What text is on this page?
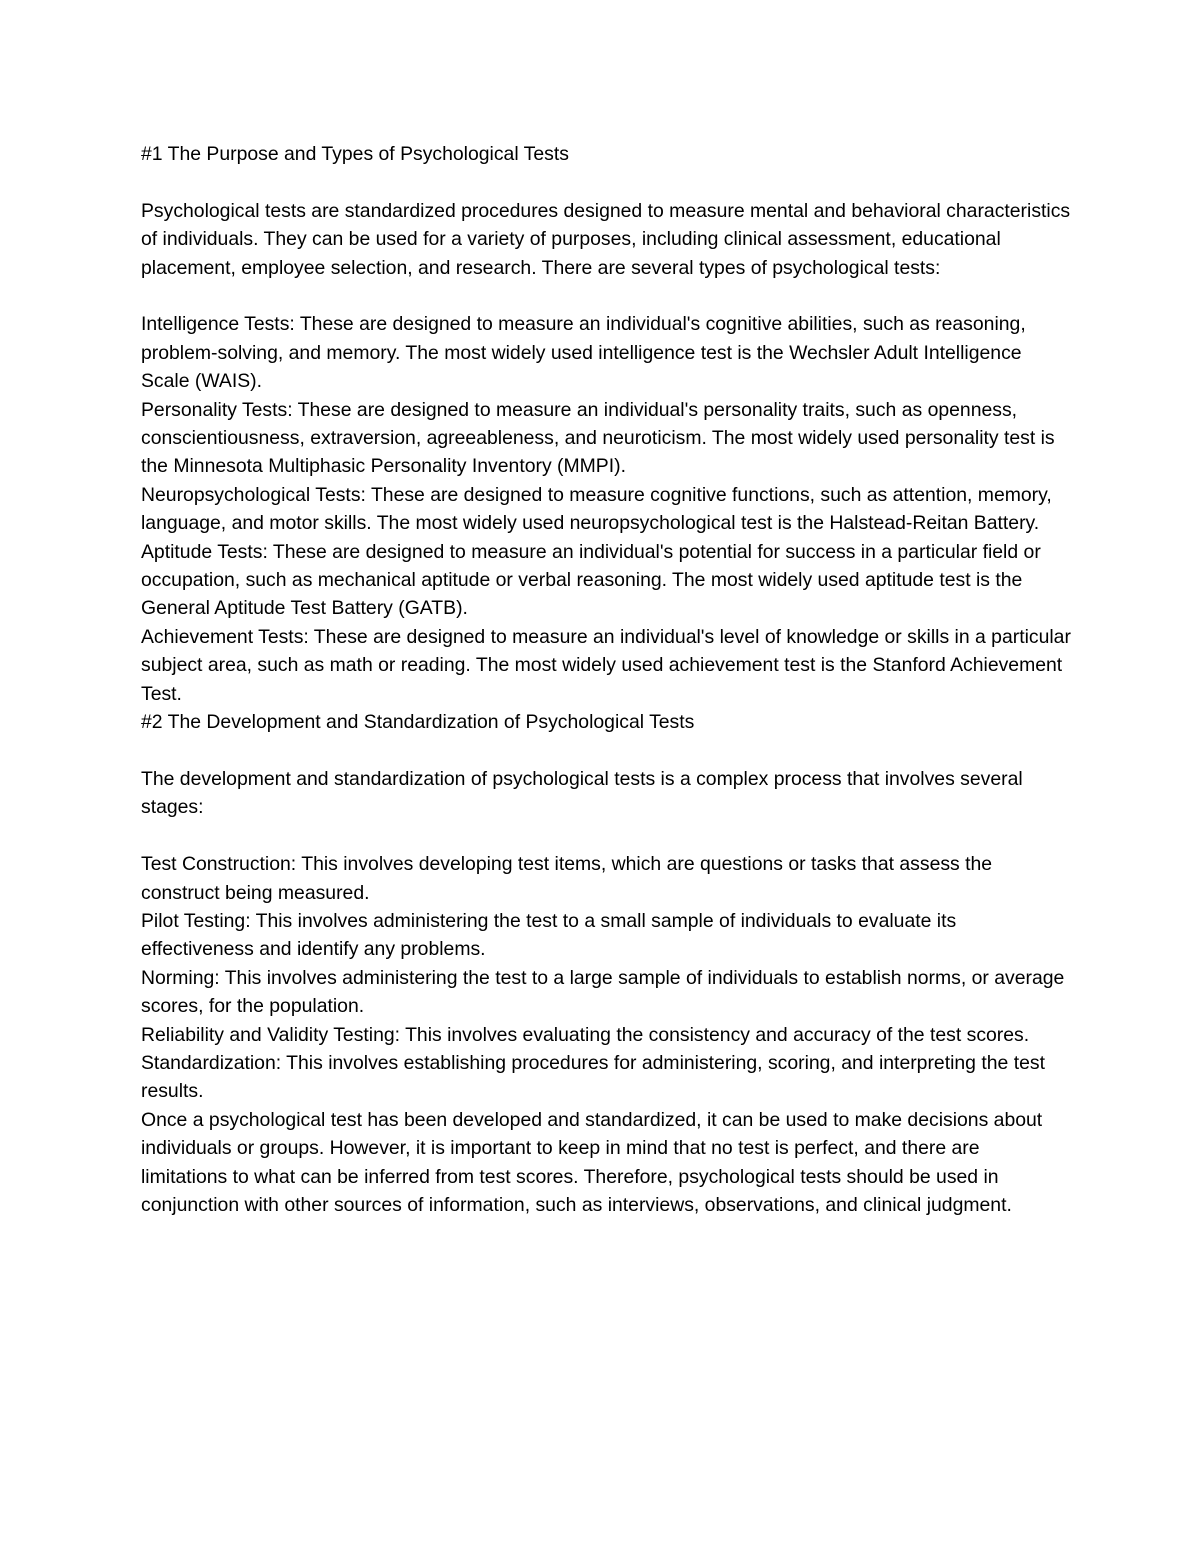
#1 The Purpose and Types of Psychological Tests

Psychological tests are standardized procedures designed to measure mental and behavioral characteristics of individuals. They can be used for a variety of purposes, including clinical assessment, educational placement, employee selection, and research. There are several types of psychological tests:

Intelligence Tests: These are designed to measure an individual's cognitive abilities, such as reasoning, problem-solving, and memory. The most widely used intelligence test is the Wechsler Adult Intelligence Scale (WAIS).

Personality Tests: These are designed to measure an individual's personality traits, such as openness, conscientiousness, extraversion, agreeableness, and neuroticism. The most widely used personality test is the Minnesota Multiphasic Personality Inventory (MMPI).

Neuropsychological Tests: These are designed to measure cognitive functions, such as attention, memory, language, and motor skills. The most widely used neuropsychological test is the Halstead-Reitan Battery.

Aptitude Tests: These are designed to measure an individual's potential for success in a particular field or occupation, such as mechanical aptitude or verbal reasoning. The most widely used aptitude test is the General Aptitude Test Battery (GATB).

Achievement Tests: These are designed to measure an individual's level of knowledge or skills in a particular subject area, such as math or reading. The most widely used achievement test is the Stanford Achievement Test.

#2 The Development and Standardization of Psychological Tests

The development and standardization of psychological tests is a complex process that involves several stages:

Test Construction: This involves developing test items, which are questions or tasks that assess the construct being measured.

Pilot Testing: This involves administering the test to a small sample of individuals to evaluate its effectiveness and identify any problems.

Norming: This involves administering the test to a large sample of individuals to establish norms, or average scores, for the population.

Reliability and Validity Testing: This involves evaluating the consistency and accuracy of the test scores.

Standardization: This involves establishing procedures for administering, scoring, and interpreting the test results.

Once a psychological test has been developed and standardized, it can be used to make decisions about individuals or groups. However, it is important to keep in mind that no test is perfect, and there are limitations to what can be inferred from test scores. Therefore, psychological tests should be used in conjunction with other sources of information, such as interviews, observations, and clinical judgment.
